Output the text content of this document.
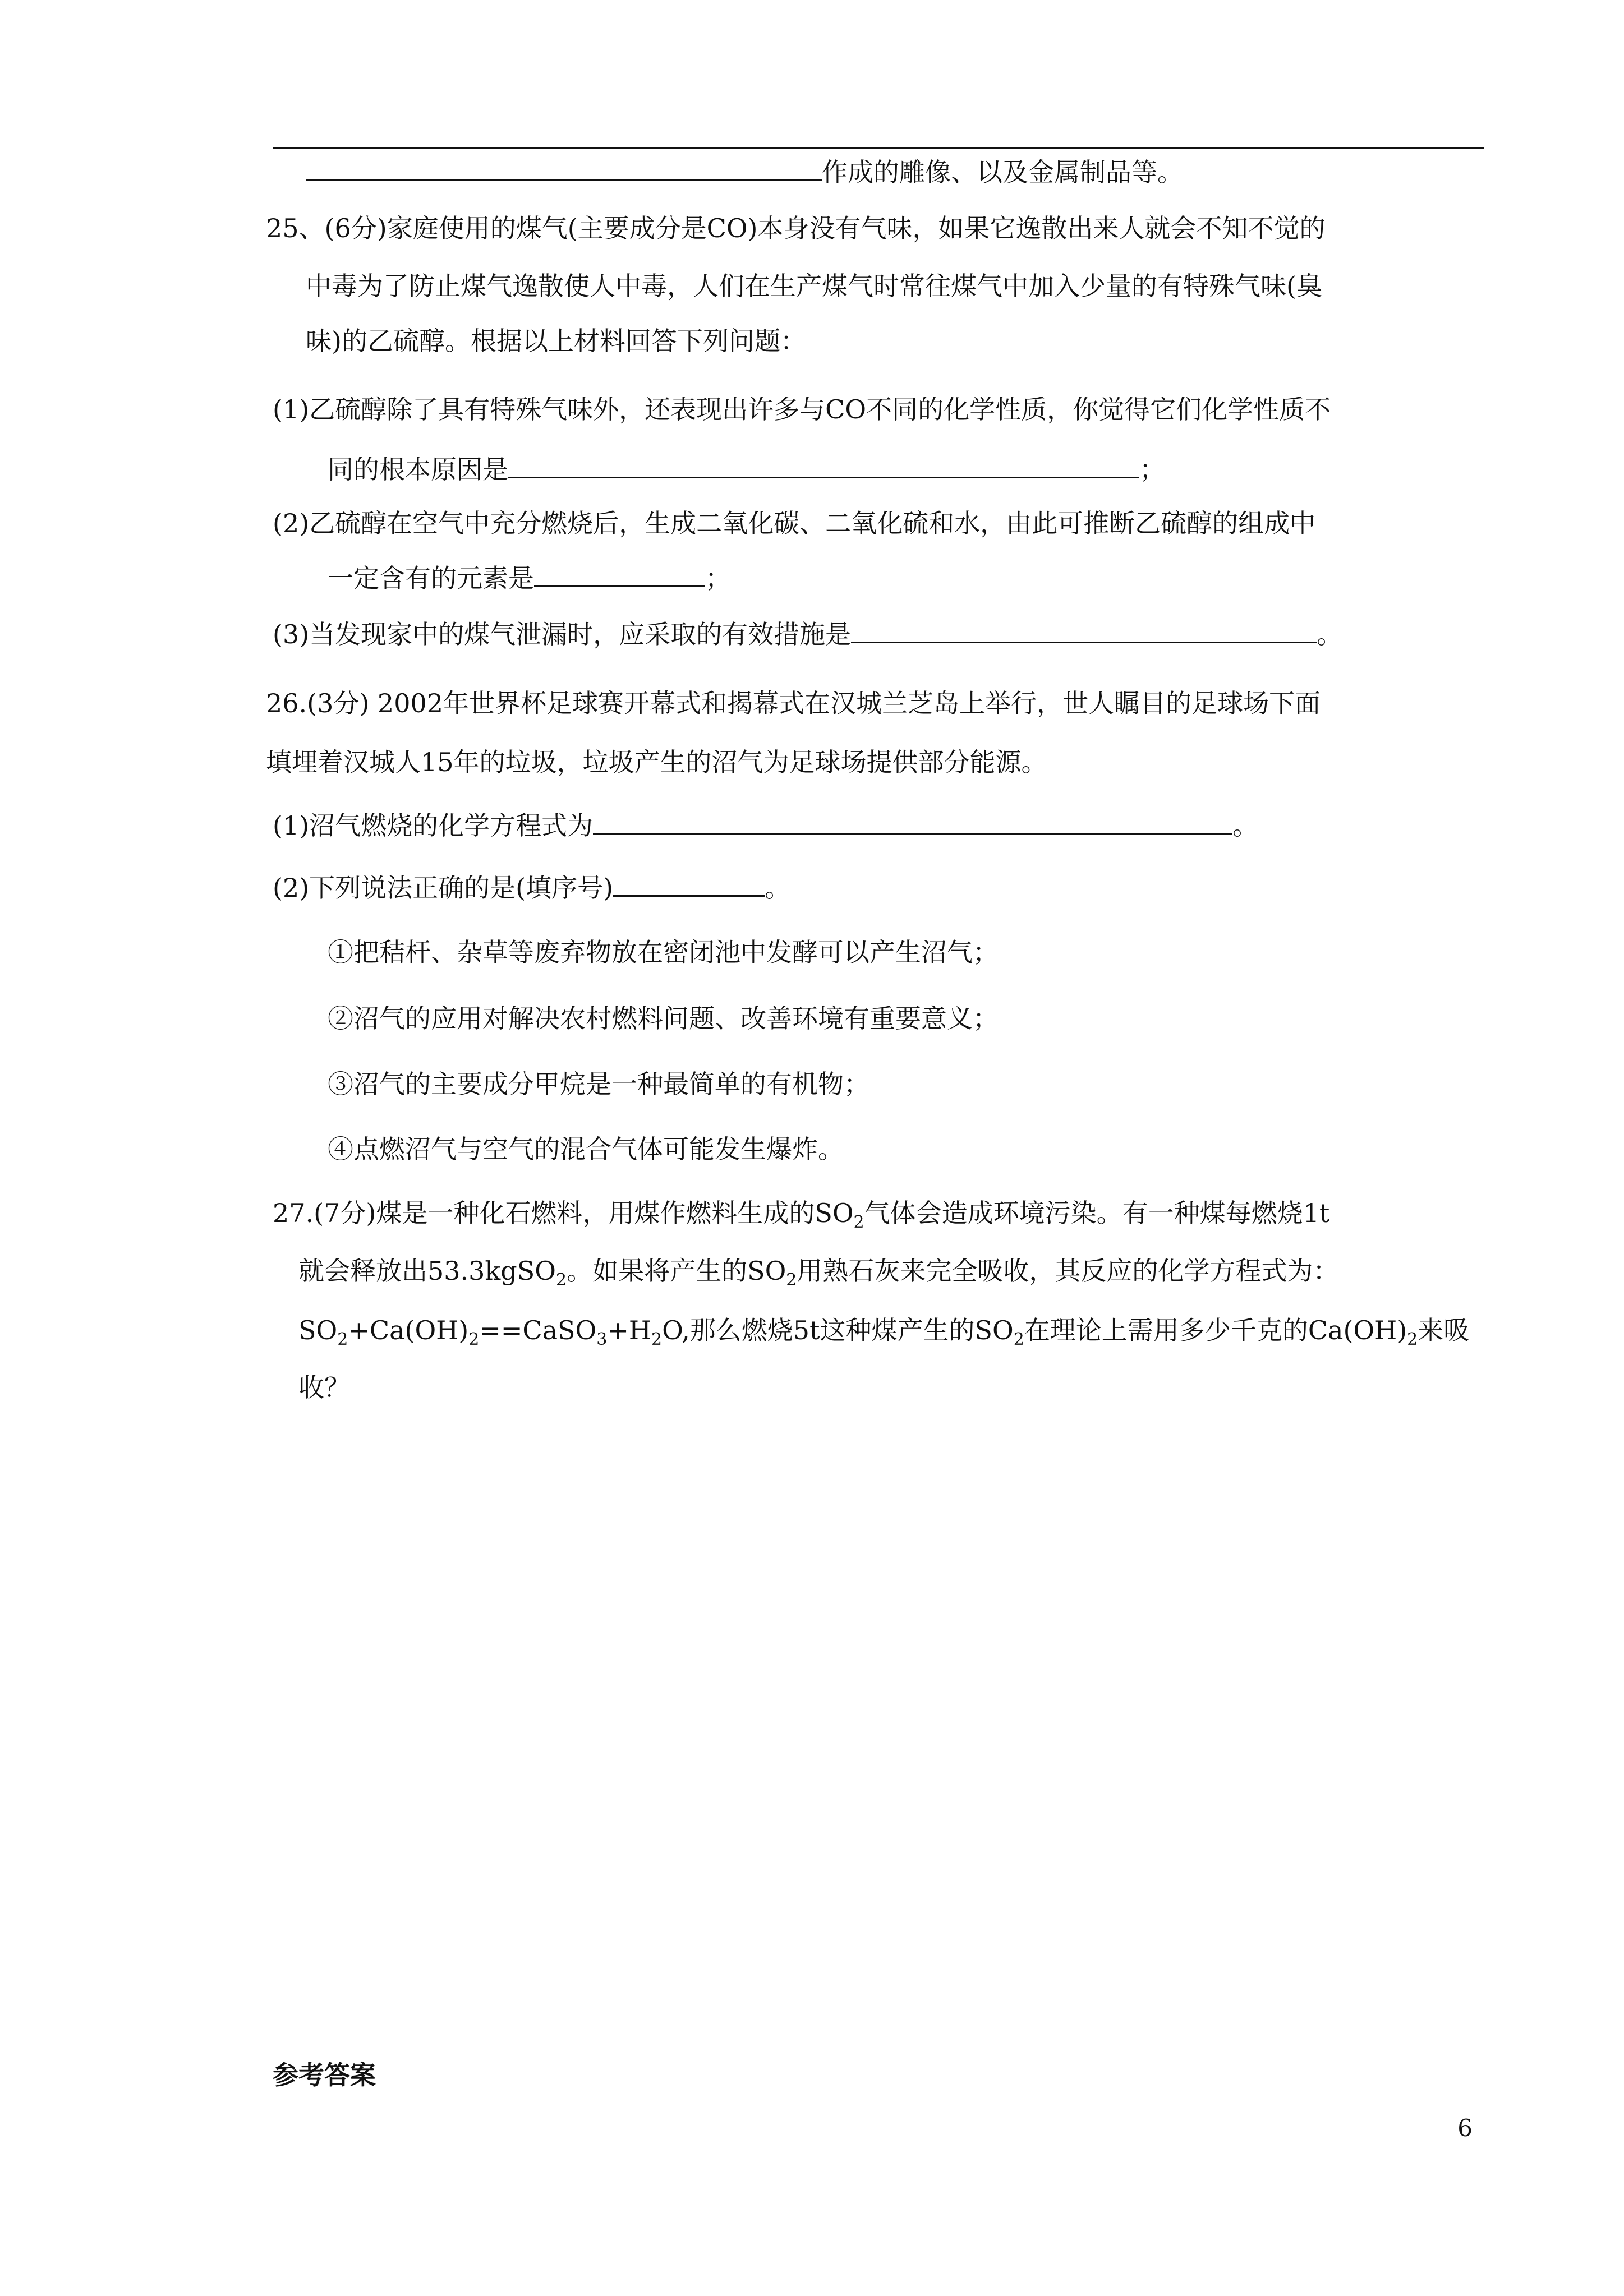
作成的雕像、以及金属制品等。
25、(6分)家庭使用的煤气(主要成分是CO)本身没有气味，如果它逸散出来人就会不知不觉的
中毒为了防止煤气逸散使人中毒，人们在生产煤气时常往煤气中加入少量的有特殊气味(臭
味)的乙硫醇。根据以上材料回答下列问题：
(1)乙硫醇除了具有特殊气味外，还表现出许多与CO不同的化学性质，你觉得它们化学性质不
同的根本原因是	；
(2)乙硫醇在空气中充分燃烧后，生成二氧化碳、二氧化硫和水，由此可推断乙硫醇的组成中
一定含有的元素是	；
(3)当发现家中的煤气泄漏时，应采取的有效措施是	。
26.(3分) 2002年世界杯足球赛开幕式和揭幕式在汉城兰芝岛上举行，世人瞩目的足球场下面
填埋着汉城人15年的垃圾，垃圾产生的沼气为足球场提供部分能源。
(1)沼气燃烧的化学方程式为	。
(2)下列说法正确的是(填序号)	。
①把秸杆、杂草等废弃物放在密闭池中发酵可以产生沼气；
②沼气的应用对解决农村燃料问题、改善环境有重要意义；
③沼气的主要成分甲烷是一种最简单的有机物；
④点燃沼气与空气的混合气体可能发生爆炸。
27.(7分)煤是一种化石燃料，用煤作燃料生成的$SO_2$气体会造成环境污染。有一种煤每燃烧1t
就会释放出53.3kgSO$_2$。如果将产生的$SO_2$用熟石灰来完全吸收，其反应的化学方程式为：
$SO_2+Ca(OH)_2==CaSO_3+H_2O$,那么燃烧5t这种煤产生的$SO_2$在理论上需用多少千克的$Ca(OH)_2$来吸
收？
参考答案
6
